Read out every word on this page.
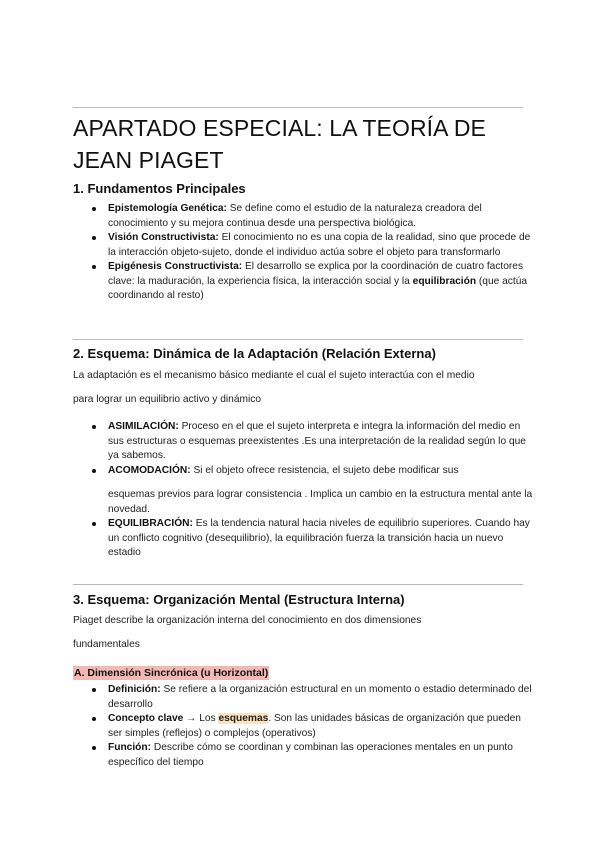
APARTADO ESPECIAL: LA TEORÍA DE JEAN PIAGET
1. Fundamentos Principales
Epistemología Genética: Se define como el estudio de la naturaleza creadora del conocimiento y su mejora continua desde una perspectiva biológica.
Visión Constructivista: El conocimiento no es una copia de la realidad, sino que procede de la interacción objeto-sujeto, donde el individuo actúa sobre el objeto para transformarlo
Epigénesis Constructivista: El desarrollo se explica por la coordinación de cuatro factores clave: la maduración, la experiencia física, la interacción social y la equilibración (que actúa coordinando al resto)
2. Esquema: Dinámica de la Adaptación (Relación Externa)

La adaptación es el mecanismo básico mediante el cual el sujeto interactúa con el medio

para lograr un equilibrio activo y dinámico

ASIMILACIÓN: Proceso en el que el sujeto interpreta e integra la información del medio en sus estructuras o esquemas preexistentes .Es una interpretación de la realidad según lo que ya sabemos.
ACOMODACIÓN: Si el objeto ofrece resistencia, el sujeto debe modificar sus
esquemas previos para lograr consistencia . Implica un cambio en la estructura mental ante la novedad.
EQUILIBRACIÓN: Es la tendencia natural hacia niveles de equilibrio superiores. Cuando hay un conflicto cognitivo (desequilibrio), la equilibración fuerza la transición hacia un nuevo estadio
3. Esquema: Organización Mental (Estructura Interna)

Piaget describe la organización interna del conocimiento en dos dimensiones

fundamentales

A. Dimensión Sincrónica (u Horizontal)
Definición: Se refiere a la organización estructural en un momento o estadio determinado del desarrollo
Concepto clave → Los esquemas. Son las unidades básicas de organización que pueden ser simples (reflejos) o complejos (operativos)
Función: Describe cómo se coordinan y combinan las operaciones mentales en un punto específico del tiempo
